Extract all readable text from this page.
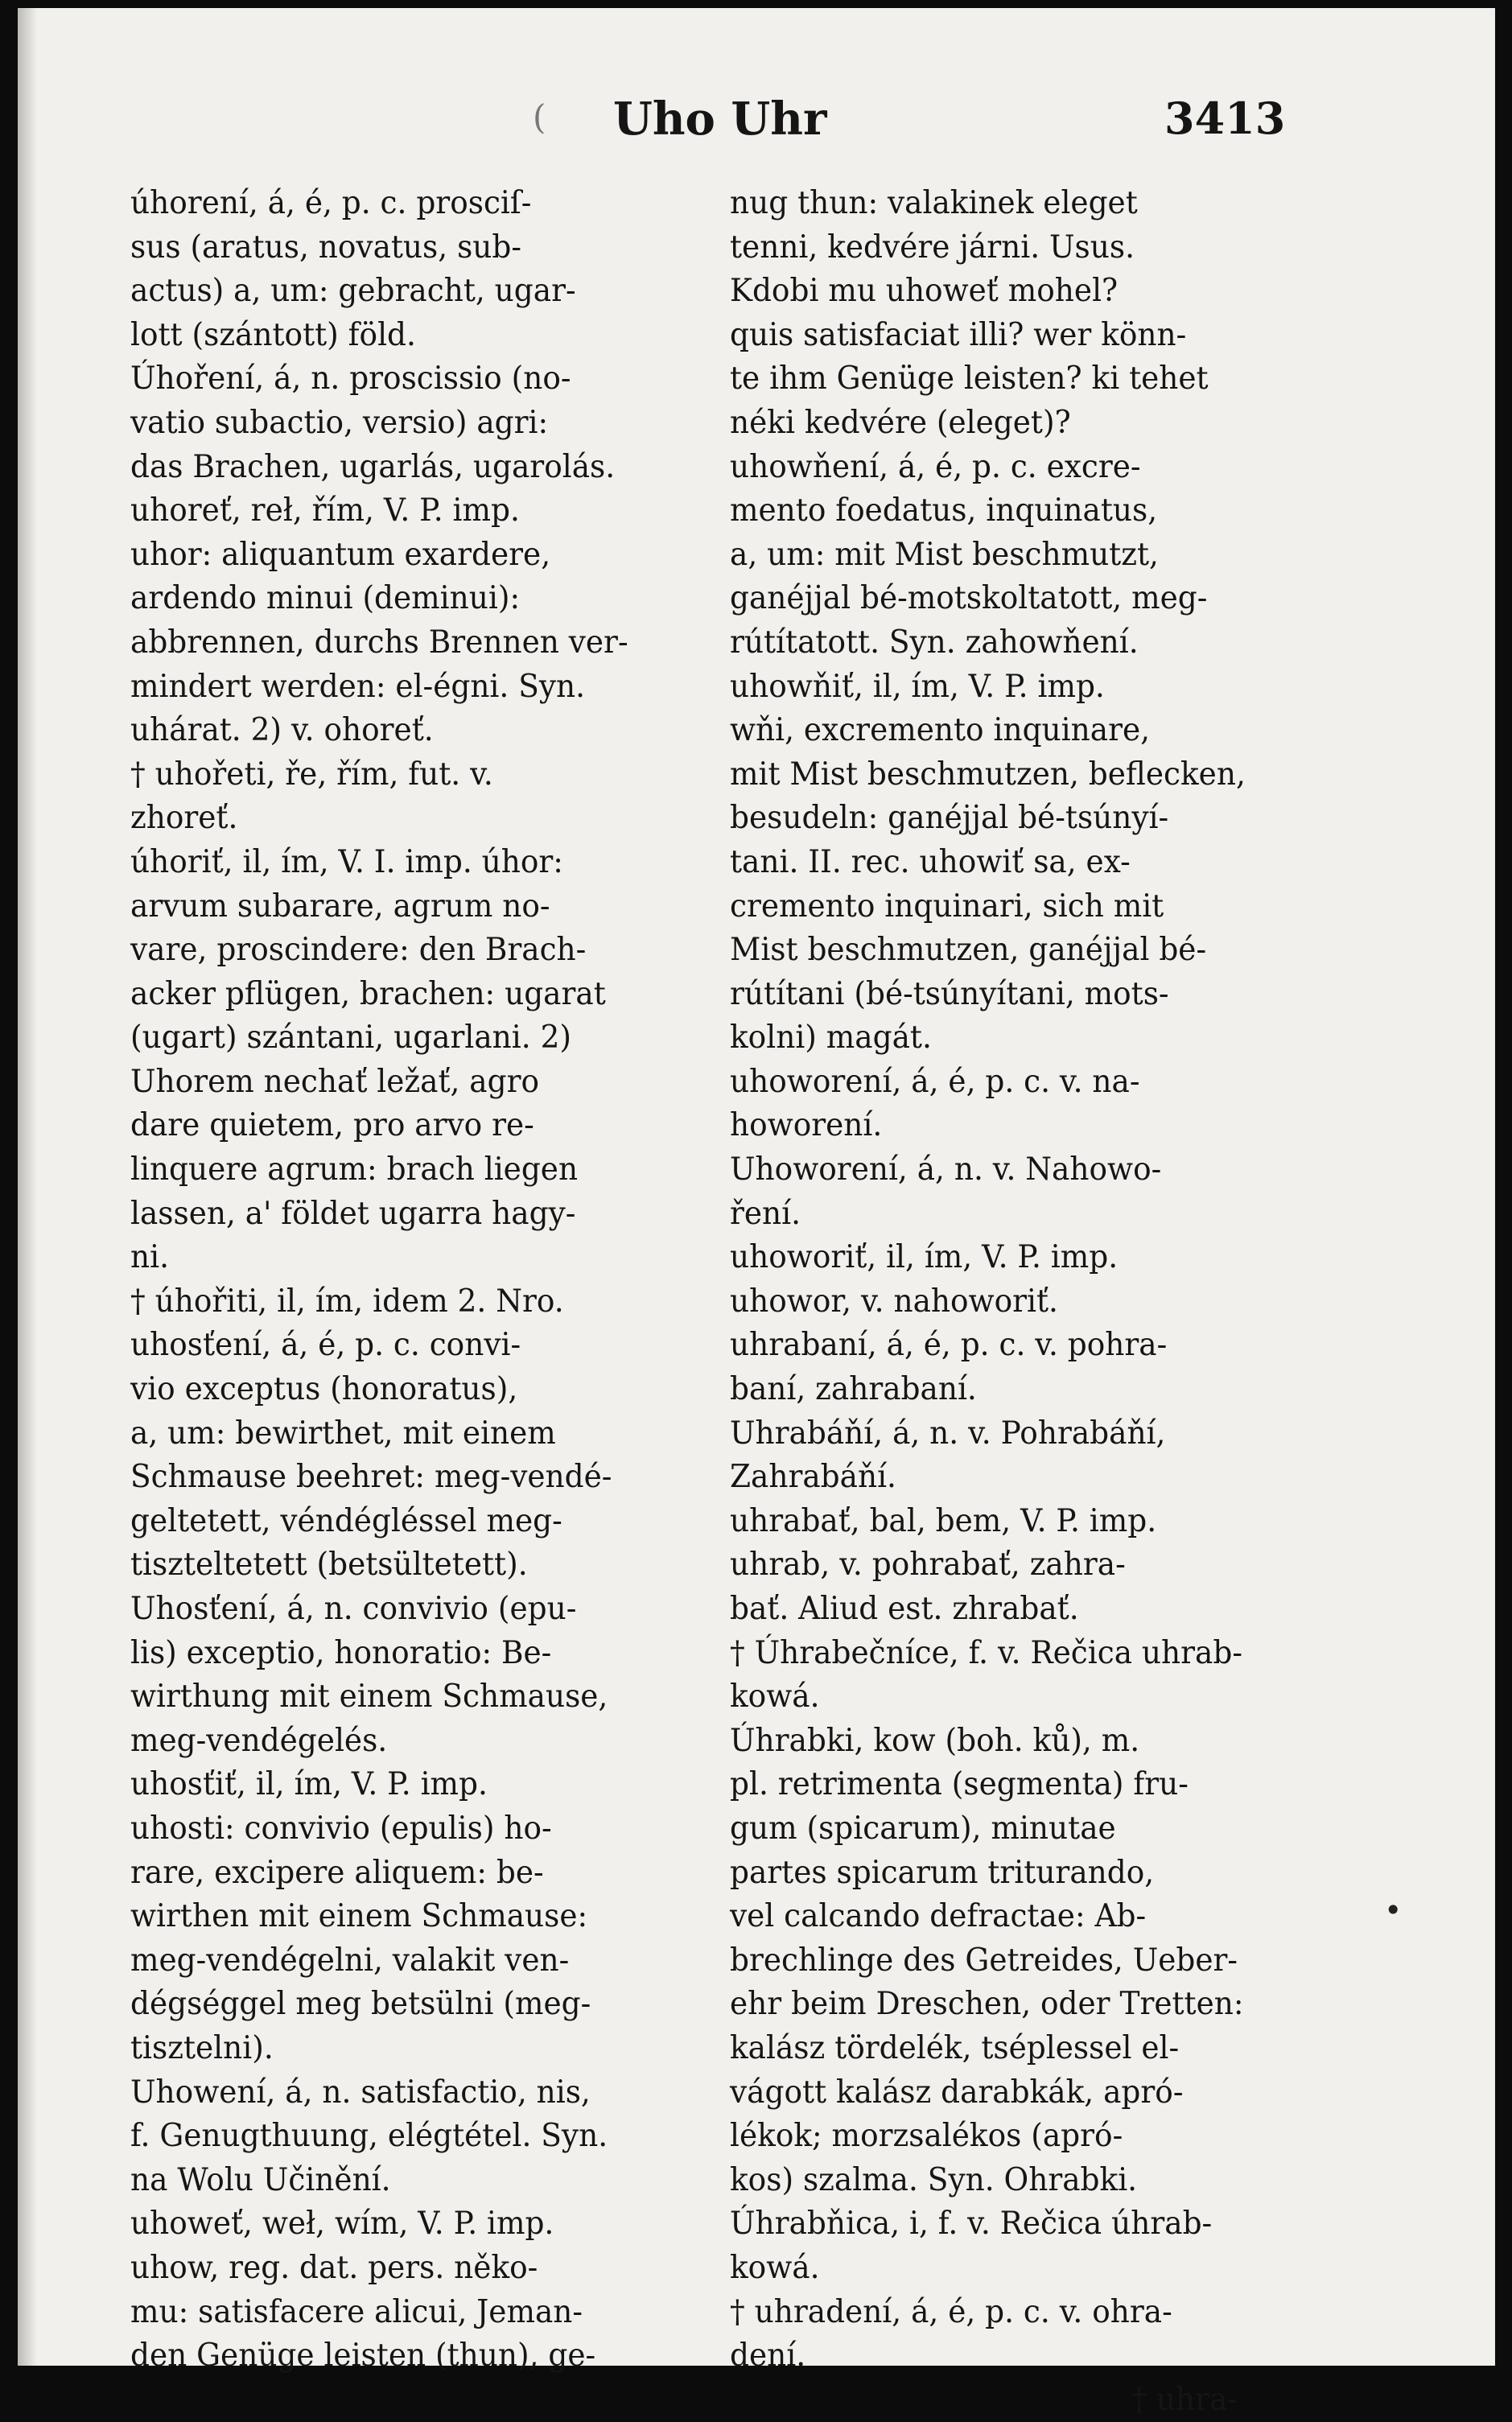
( Uho Uhr	3413
úhorení, á, é, p. c. prosciſ-
sus (aratus, novatus, sub-
actus) a, um: gebracht, ugar-
lott (szántott) föld.
Úhoření, á, n. proscissio (no-
vatio subactio, versio) agri:
das Brachen, ugarlás, ugarolás.
uhoreť, reł, řím, V. P. imp.
uhor: aliquantum exardere,
ardendo minui (deminui):
abbrennen, durchs Brennen ver-
mindert werden: el-égni. Syn.
uhárat. 2) v. ohoreť.
† uhořeti, ře, řím, fut. v.
zhoreť.
úhoriť, il, ím, V. I. imp. úhor:
arvum subarare, agrum no-
vare, proscindere: den Brach-
acker pflügen, brachen: ugarat
(ugart) szántani, ugarlani. 2)
Uhorem nechať ležať, agro
dare quietem, pro arvo re-
linquere agrum: brach liegen
lassen, a' földet ugarra hagy-
ni.
† úhořiti, il, ím, idem 2. Nro.
uhosťení, á, é, p. c. convi-
vio exceptus (honoratus),
a, um: bewirthet, mit einem
Schmause beehret: meg-vendé-
geltetett, véndégléssel meg-
tiszteltetett (betsültetett).
Uhosťení, á, n. convivio (epu-
lis) exceptio, honoratio: Be-
wirthung mit einem Schmause,
meg-vendégelés.
uhosťiť, il, ím, V. P. imp.
uhosti: convivio (epulis) ho-
rare, excipere aliquem: be-
wirthen mit einem Schmause:
meg-vendégelni, valakit ven-
dégséggel meg betsülni (meg-
tisztelni).
Uhowení, á, n. satisfactio, nis,
f. Genugthuung, elégtétel. Syn.
na Wolu Učinění.
uhoweť, weł, wím, V. P. imp.
uhow, reg. dat. pers. něko-
mu: satisfacere alicui, Jeman-
den Genüge leisten (thun), ge-
nug thun: valakinek eleget
tenni, kedvére járni. Usus.
Kdobi mu uhoweť mohel?
quis satisfaciat illi? wer könn-
te ihm Genüge leisten? ki tehet
néki kedvére (eleget)?
uhowňení, á, é, p. c. excre-
mento foedatus, inquinatus,
a, um: mit Mist beschmutzt,
ganéjjal bé-motskoltatott, meg-
rútítatott. Syn. zahowňení.
uhowňiť, il, ím, V. P. imp.
wňi, excremento inquinare,
mit Mist beschmutzen, beflecken,
besudeln: ganéjjal bé-tsúnyí-
tani. II. rec. uhowiť sa, ex-
cremento inquinari, sich mit
Mist beschmutzen, ganéjjal bé-
rútítani (bé-tsúnyítani, mots-
kolni) magát.
uhoworení, á, é, p. c. v. na-
howorení.
Uhoworení, á, n. v. Nahowo-
ření.
uhoworiť, il, ím, V. P. imp.
uhowor, v. nahoworiť.
uhrabaní, á, é, p. c. v. pohra-
baní, zahrabaní.
Uhrabáňí, á, n. v. Pohrabáňí,
Zahrabáňí.
uhrabať, bal, bem, V. P. imp.
uhrab, v. pohrabať, zahra-
bať. Aliud est. zhrabať.
† Úhrabečníce, f. v. Rečica uhrab-
kowá.
Úhrabki, kow (boh. ků), m.
pl. retrimenta (segmenta) fru-
gum (spicarum), minutae
partes spicarum triturando,
vel calcando defractae: Ab-
brechlinge des Getreides, Ueber-
ehr beim Dreschen, oder Tretten:
kalász tördelék, tséplessel el-
vágott kalász darabkák, apró-
lékok; morzsalékos (apró-
kos) szalma. Syn. Ohrabki.
Úhrabňica, i, f. v. Rečica úhrab-
kowá.
† uhradení, á, é, p. c. v. ohra-
dení.
† uhra-
•
